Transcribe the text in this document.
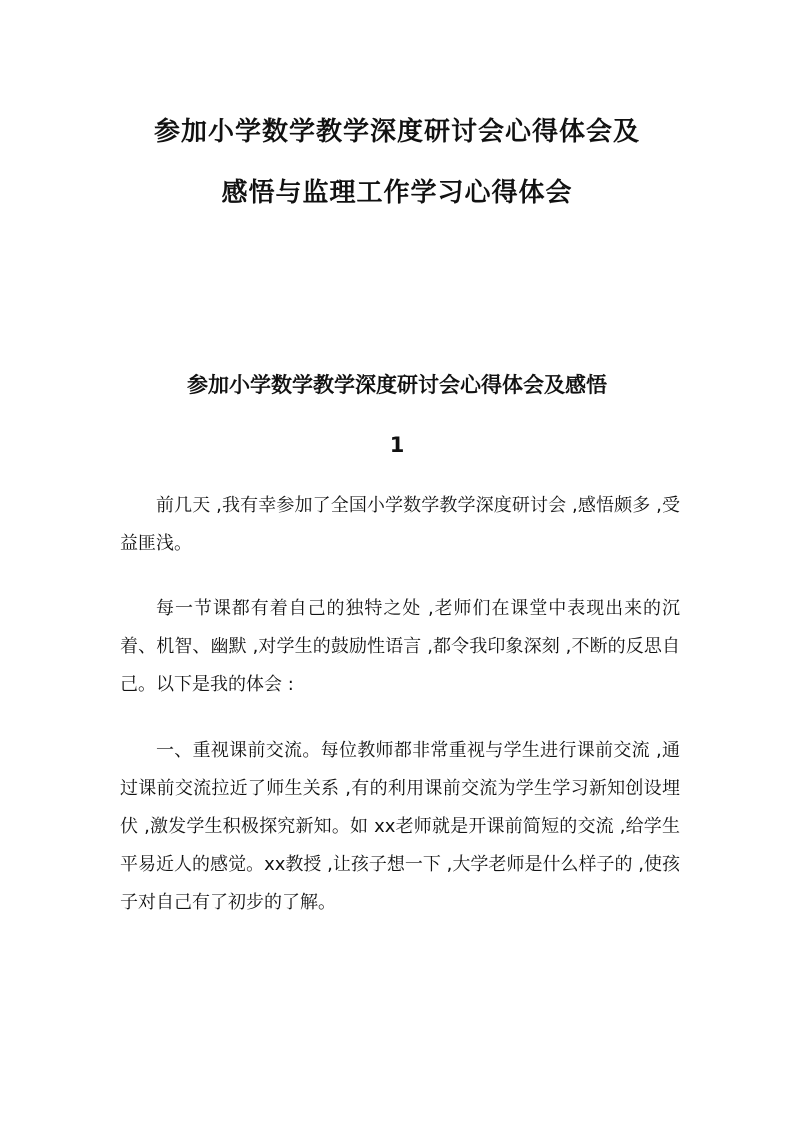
参加小学数学教学深度研讨会心得体会及
感悟与监理工作学习心得体会
参加小学数学教学深度研讨会心得体会及感悟
1

前几天 ,我有幸参加了全国小学数学教学深度研讨会 ,感悟颇多 ,受益匪浅。

每一节课都有着自己的独特之处 ,老师们在课堂中表现出来的沉着、机智、幽默 ,对学生的鼓励性语言 ,都令我印象深刻 ,不断的反思自己。以下是我的体会 :

一、重视课前交流。每位教师都非常重视与学生进行课前交流 ,通过课前交流拉近了师生关系 ,有的利用课前交流为学生学习新知创设埋伏 ,激发学生积极探究新知。如 xx老师就是开课前简短的交流 ,给学生平易近人的感觉。xx教授 ,让孩子想一下 ,大学老师是什么样子的 ,使孩子对自己有了初步的了解。
